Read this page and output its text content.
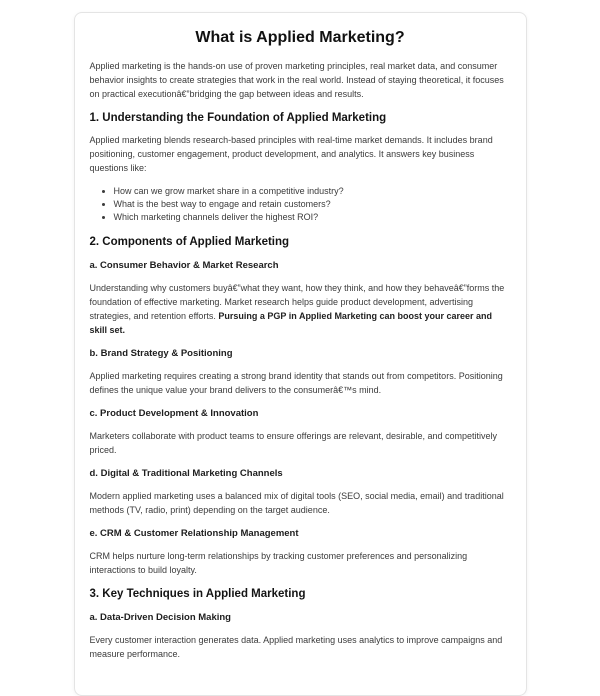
What is Applied Marketing?

Applied marketing is the hands-on use of proven marketing principles, real market data, and consumer behavior insights to create strategies that work in the real world. Instead of staying theoretical, it focuses on practical executionâ€”bridging the gap between ideas and results.

1. Understanding the Foundation of Applied Marketing

Applied marketing blends research-based principles with real-time market demands. It includes brand positioning, customer engagement, product development, and analytics. It answers key business questions like:

• How can we grow market share in a competitive industry?
• What is the best way to engage and retain customers?
• Which marketing channels deliver the highest ROI?
2. Components of Applied Marketing
a. Consumer Behavior & Market Research

Understanding why customers buyâ€”what they want, how they think, and how they behaveâ€”forms the foundation of effective marketing. Market research helps guide product development, advertising strategies, and retention efforts. Pursuing a PGP in Applied Marketing can boost your career and skill set.

b. Brand Strategy & Positioning

Applied marketing requires creating a strong brand identity that stands out from competitors. Positioning defines the unique value your brand delivers to the consumerâ€™s mind.

c. Product Development & Innovation

Marketers collaborate with product teams to ensure offerings are relevant, desirable, and competitively priced.

d. Digital & Traditional Marketing Channels

Modern applied marketing uses a balanced mix of digital tools (SEO, social media, email) and traditional methods (TV, radio, print) depending on the target audience.

e. CRM & Customer Relationship Management

CRM helps nurture long-term relationships by tracking customer preferences and personalizing interactions to build loyalty.

3. Key Techniques in Applied Marketing
a. Data-Driven Decision Making

Every customer interaction generates data. Applied marketing uses analytics to improve campaigns and measure performance.
